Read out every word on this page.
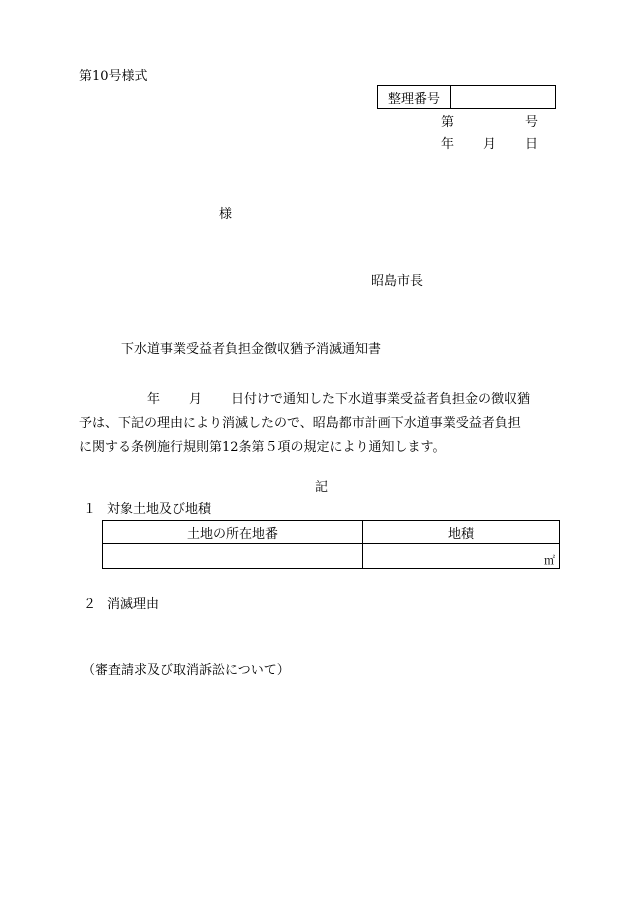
第10号様式
整理番号
第	号
年 月 日
様
昭島市長
下水道事業受益者負担金徴収猶予消滅通知書
年 月 日付けで通知した下水道事業受益者負担金の徴収猶
予は、下記の理由により消滅したので、昭島都市計画下水道事業受益者負担
に関する条例施行規則第12条第５項の規定により通知します。
記
１ 対象土地及び地積
土地の所在地番	地積
	㎡
２ 消滅理由
（審査請求及び取消訴訟について）
